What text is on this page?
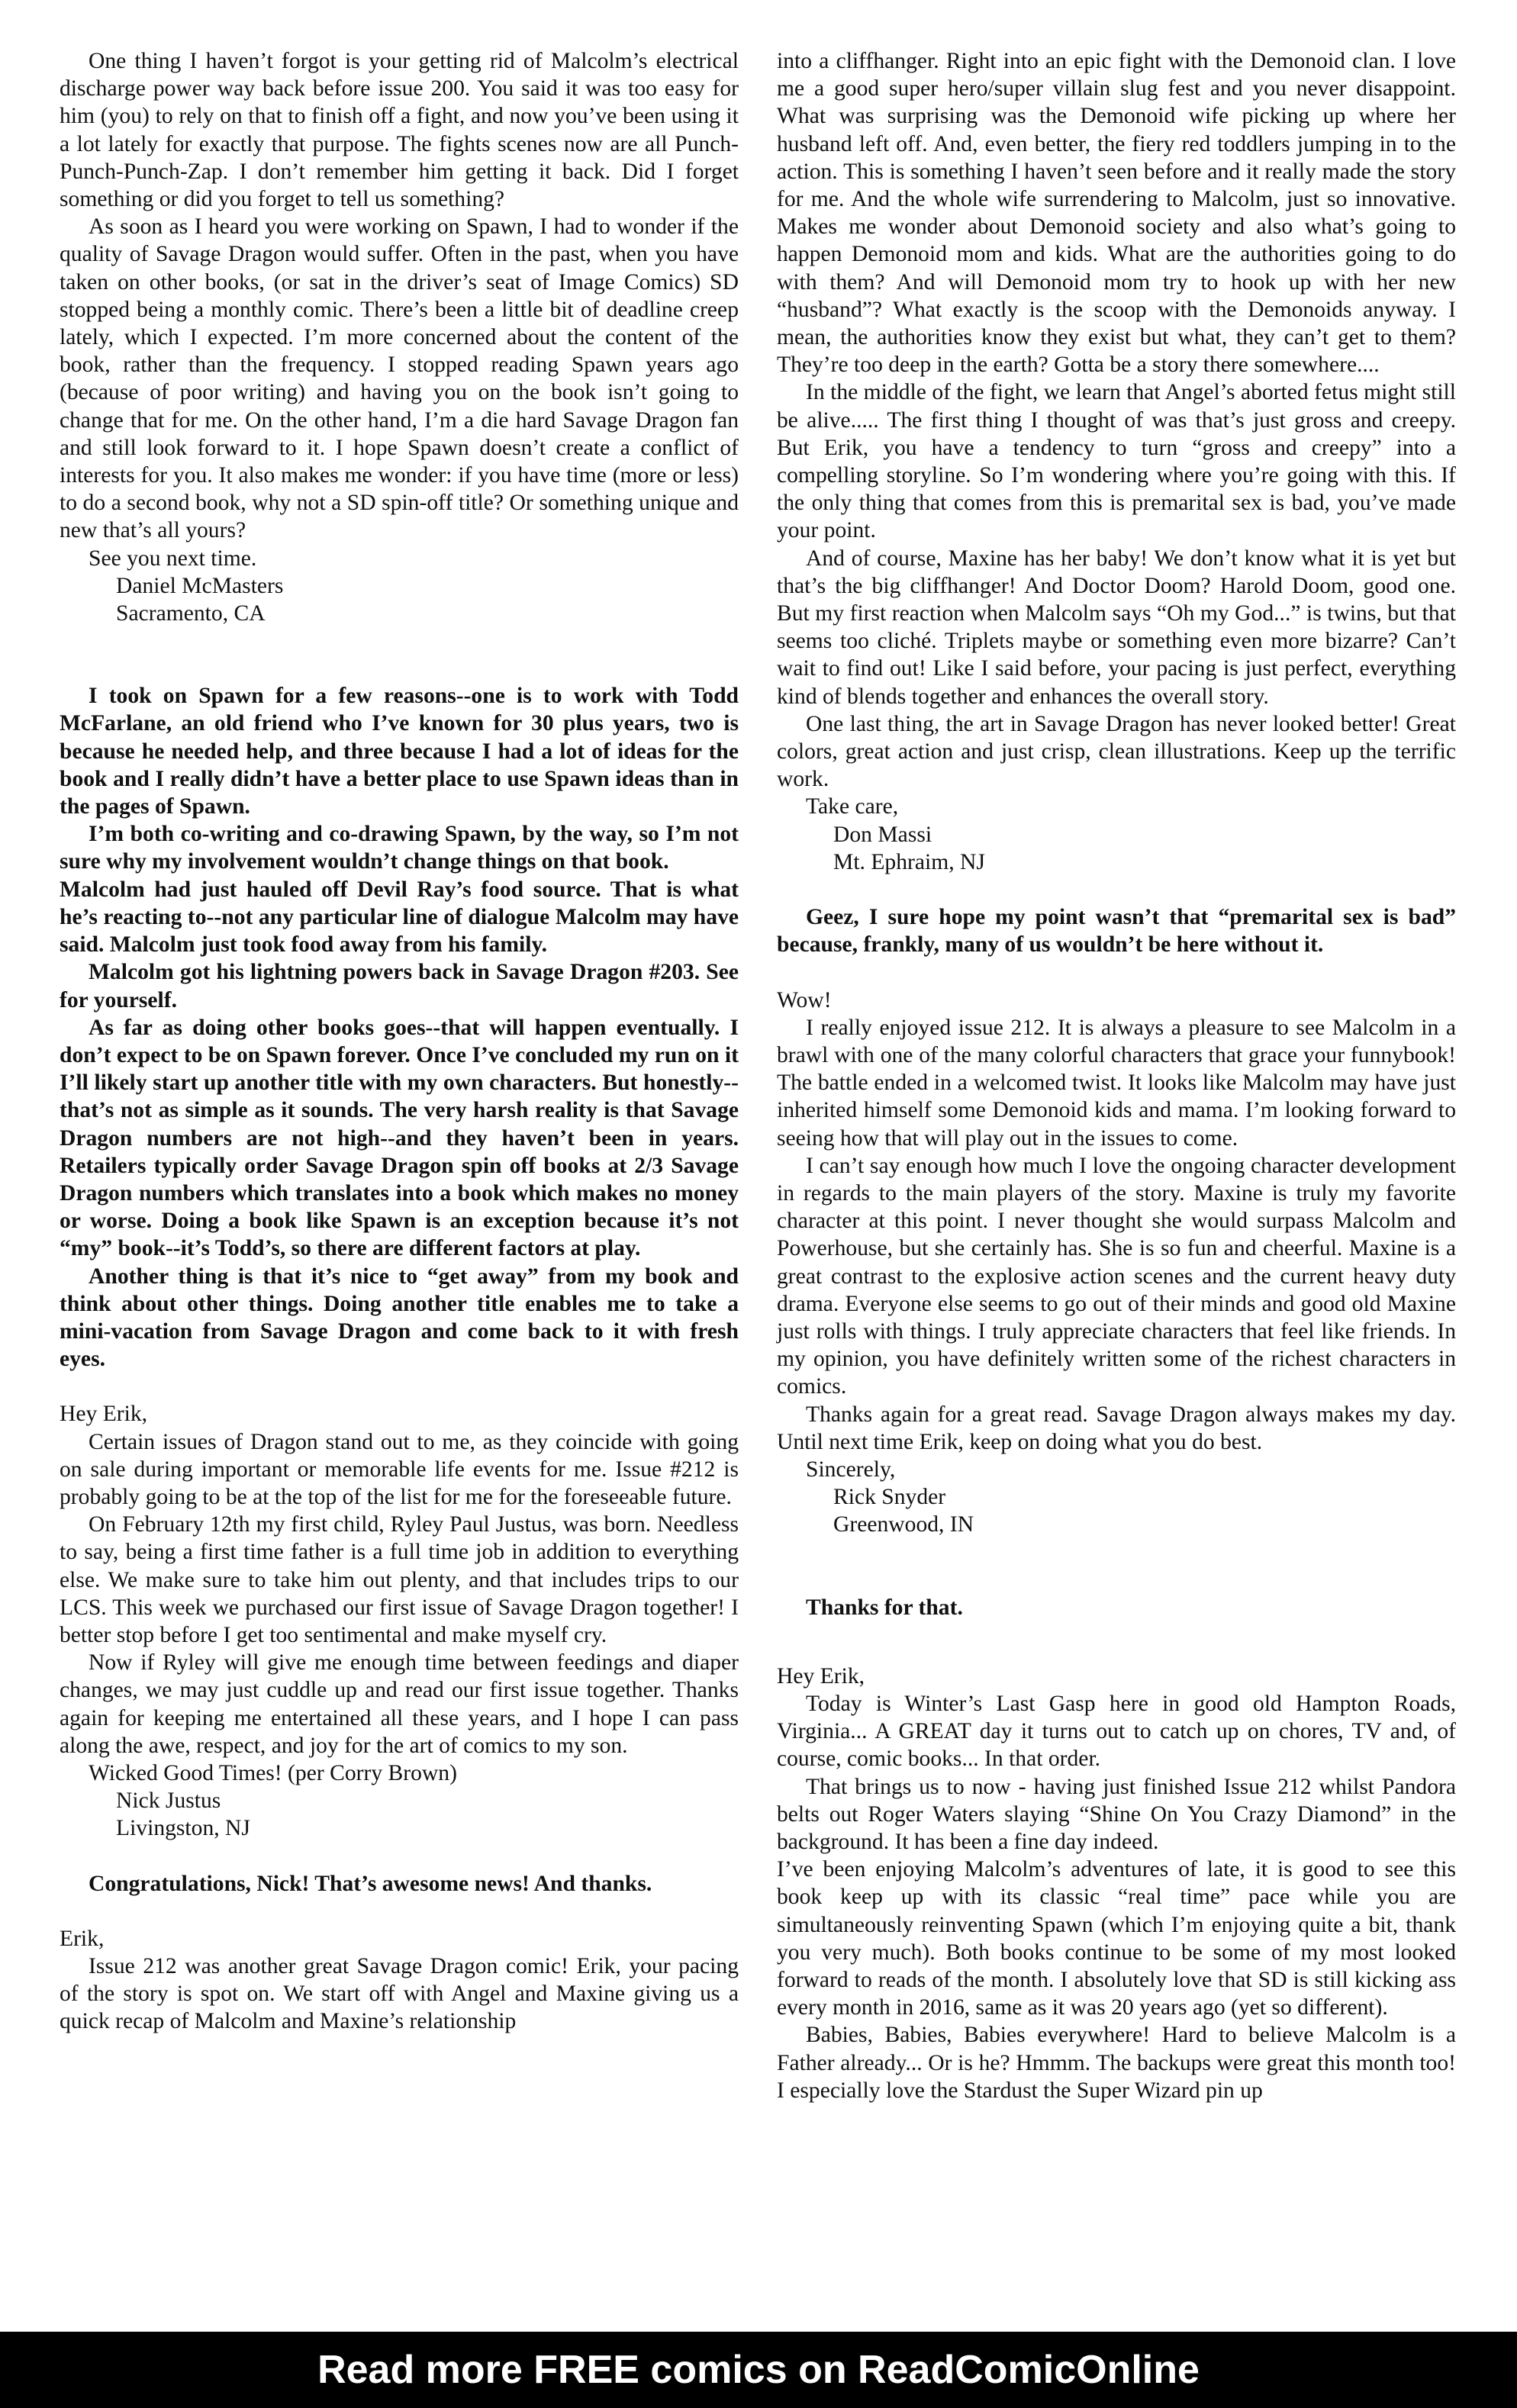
One thing I haven’t forgot is your getting rid of Malcolm’s electrical discharge power way back before issue 200. You said it was too easy for him (you) to rely on that to finish off a fight, and now you’ve been using it a lot lately for exactly that purpose. The fights scenes now are all Punch-Punch-Punch-Zap. I don’t remember him getting it back. Did I forget something or did you forget to tell us something?

As soon as I heard you were working on Spawn, I had to wonder if the quality of Savage Dragon would suffer. Often in the past, when you have taken on other books, (or sat in the driver’s seat of Image Comics) SD stopped being a monthly comic. There’s been a little bit of deadline creep lately, which I expected. I’m more concerned about the content of the book, rather than the frequency. I stopped reading Spawn years ago (because of poor writing) and having you on the book isn’t going to change that for me. On the other hand, I’m a die hard Savage Dragon fan and still look forward to it. I hope Spawn doesn’t create a conflict of interests for you. It also makes me wonder: if you have time (more or less) to do a second book, why not a SD spin-off title? Or something unique and new that’s all yours?

See you next time.

Daniel McMasters

Sacramento, CA

I took on Spawn for a few reasons--one is to work with Todd McFarlane, an old friend who I’ve known for 30 plus years, two is because he needed help, and three because I had a lot of ideas for the book and I really didn’t have a better place to use Spawn ideas than in the pages of Spawn.

I’m both co-writing and co-drawing Spawn, by the way, so I’m not sure why my involvement wouldn’t change things on that book.

Malcolm had just hauled off Devil Ray’s food source. That is what he’s reacting to--not any particular line of dialogue Malcolm may have said. Malcolm just took food away from his family.

Malcolm got his lightning powers back in Savage Dragon #203. See for yourself.

As far as doing other books goes--that will happen eventually. I don’t expect to be on Spawn forever. Once I’ve concluded my run on it I’ll likely start up another title with my own characters. But honestly--that’s not as simple as it sounds. The very harsh reality is that Savage Dragon numbers are not high--and they haven’t been in years. Retailers typically order Savage Dragon spin off books at 2/3 Savage Dragon numbers which translates into a book which makes no money or worse. Doing a book like Spawn is an exception because it’s not “my” book--it’s Todd’s, so there are different factors at play.

Another thing is that it’s nice to “get away” from my book and think about other things. Doing another title enables me to take a mini-vacation from Savage Dragon and come back to it with fresh eyes.

Hey Erik,

Certain issues of Dragon stand out to me, as they coincide with going on sale during important or memorable life events for me. Issue #212 is probably going to be at the top of the list for me for the foreseeable future.

On February 12th my first child, Ryley Paul Justus, was born. Needless to say, being a first time father is a full time job in addition to everything else. We make sure to take him out plenty, and that includes trips to our LCS. This week we purchased our first issue of Savage Dragon together! I better stop before I get too sentimental and make myself cry.

Now if Ryley will give me enough time between feedings and diaper changes, we may just cuddle up and read our first issue together. Thanks again for keeping me entertained all these years, and I hope I can pass along the awe, respect, and joy for the art of comics to my son.

Wicked Good Times! (per Corry Brown)

Nick Justus

Livingston, NJ

Congratulations, Nick! That’s awesome news! And thanks.

Erik,

Issue 212 was another great Savage Dragon comic! Erik, your pacing of the story is spot on. We start off with Angel and Maxine giving us a quick recap of Malcolm and Maxine’s relationship

into a cliffhanger. Right into an epic fight with the Demonoid clan. I love me a good super hero/super villain slug fest and you never disappoint. What was surprising was the Demonoid wife picking up where her husband left off. And, even better, the fiery red toddlers jumping in to the action. This is something I haven’t seen before and it really made the story for me. And the whole wife surrendering to Malcolm, just so innovative. Makes me wonder about Demonoid society and also what’s going to happen Demonoid mom and kids. What are the authorities going to do with them? And will Demonoid mom try to hook up with her new “husband”? What exactly is the scoop with the Demonoids anyway. I mean, the authorities know they exist but what, they can’t get to them? They’re too deep in the earth? Gotta be a story there somewhere....

In the middle of the fight, we learn that Angel’s aborted fetus might still be alive..... The first thing I thought of was that’s just gross and creepy. But Erik, you have a tendency to turn “gross and creepy” into a compelling storyline. So I’m wondering where you’re going with this. If the only thing that comes from this is premarital sex is bad, you’ve made your point.

And of course, Maxine has her baby! We don’t know what it is yet but that’s the big cliffhanger! And Doctor Doom? Harold Doom, good one. But my first reaction when Malcolm says “Oh my God...” is twins, but that seems too cliché. Triplets maybe or something even more bizarre? Can’t wait to find out! Like I said before, your pacing is just perfect, everything kind of blends together and enhances the overall story.

One last thing, the art in Savage Dragon has never looked better! Great colors, great action and just crisp, clean illustrations. Keep up the terrific work.

Take care,

Don Massi

Mt. Ephraim, NJ

Geez, I sure hope my point wasn’t that “premarital sex is bad” because, frankly, many of us wouldn’t be here without it.

Wow!

I really enjoyed issue 212. It is always a pleasure to see Malcolm in a brawl with one of the many colorful characters that grace your funnybook! The battle ended in a welcomed twist. It looks like Malcolm may have just inherited himself some Demonoid kids and mama. I’m looking forward to seeing how that will play out in the issues to come.

I can’t say enough how much I love the ongoing character development in regards to the main players of the story. Maxine is truly my favorite character at this point. I never thought she would surpass Malcolm and Powerhouse, but she certainly has. She is so fun and cheerful. Maxine is a great contrast to the explosive action scenes and the current heavy duty drama. Everyone else seems to go out of their minds and good old Maxine just rolls with things. I truly appreciate characters that feel like friends. In my opinion, you have definitely written some of the richest characters in comics.

Thanks again for a great read. Savage Dragon always makes my day. Until next time Erik, keep on doing what you do best.

Sincerely,

Rick Snyder

Greenwood, IN

Thanks for that.

Hey Erik,

Today is Winter’s Last Gasp here in good old Hampton Roads, Virginia... A GREAT day it turns out to catch up on chores, TV and, of course, comic books... In that order.

That brings us to now - having just finished Issue 212 whilst Pandora belts out Roger Waters slaying “Shine On You Crazy Diamond” in the background. It has been a fine day indeed.

I’ve been enjoying Malcolm’s adventures of late, it is good to see this book keep up with its classic “real time” pace while you are simultaneously reinventing Spawn (which I’m enjoying quite a bit, thank you very much). Both books continue to be some of my most looked forward to reads of the month. I absolutely love that SD is still kicking ass every month in 2016, same as it was 20 years ago (yet so different).

Babies, Babies, Babies everywhere! Hard to believe Malcolm is a Father already... Or is he? Hmmm. The backups were great this month too! I especially love the Stardust the Super Wizard pin up

Read more FREE comics on ReadComicOnline
